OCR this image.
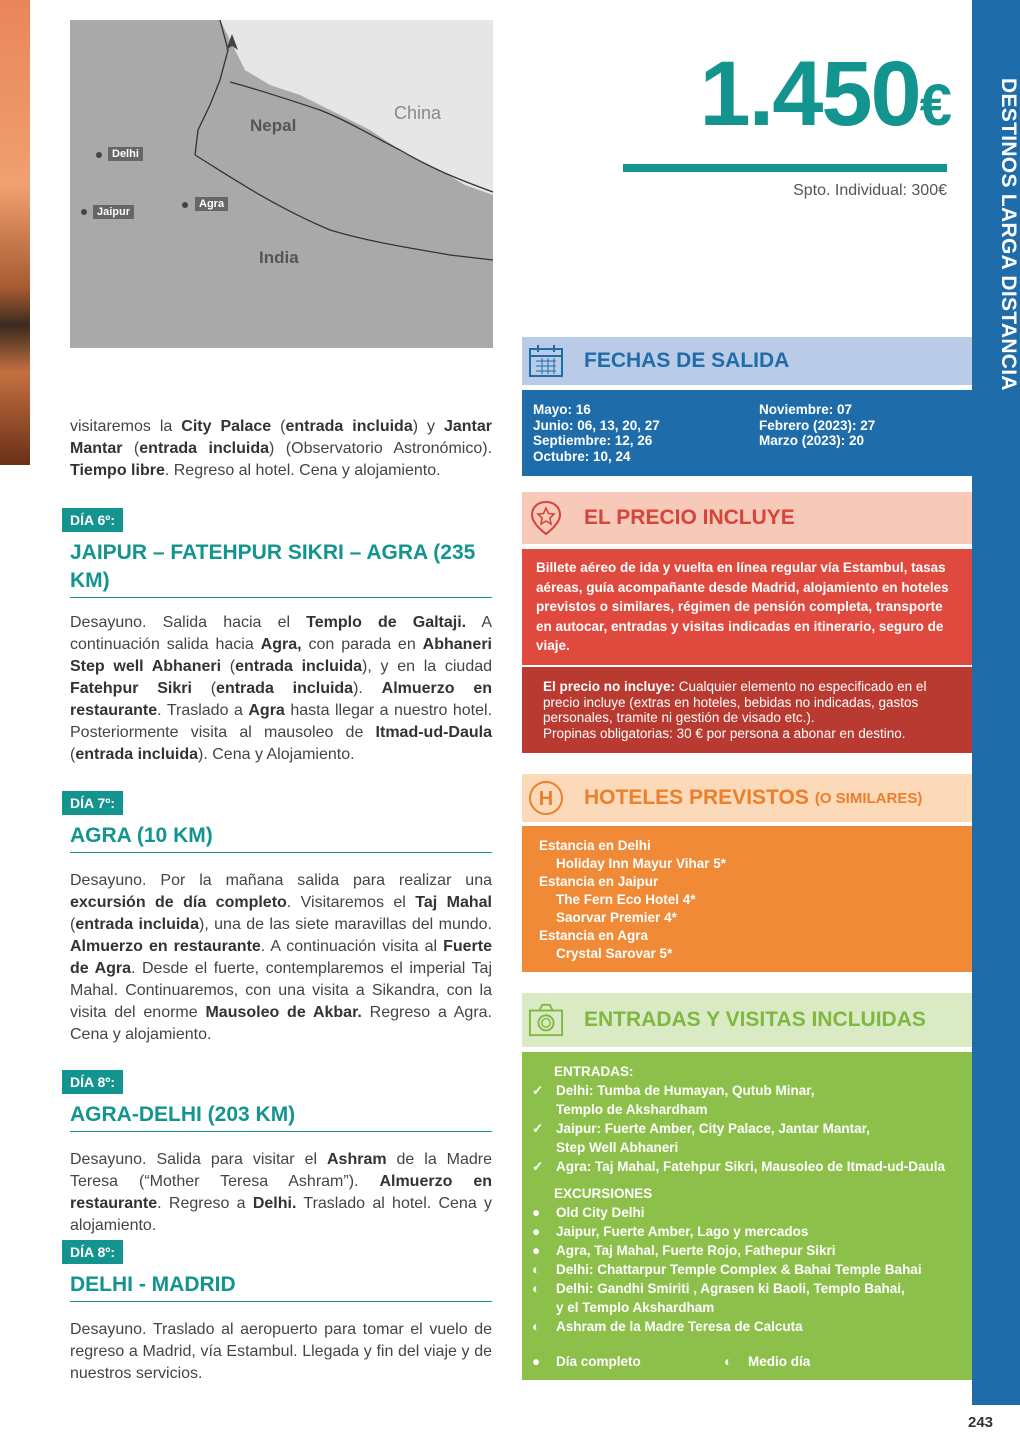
DESTINOS LARGA DISTANCIA
243
Nepal
India
China
Delhi
Jaipur
Agra
1.450€
Spto. Individual: 300€
visitaremos la City Palace (entrada incluida) y Jantar Mantar (entrada incluida) (Observatorio Astronómico). Tiempo libre. Regreso al hotel. Cena y alojamiento.
DÍA 6º:
JAIPUR – FATEHPUR SIKRI – AGRA (235 KM)
Desayuno. Salida hacia el Templo de Galtaji. A continuación salida hacia Agra, con parada en Abhaneri Step well Abhaneri (entrada incluida), y en la ciudad Fatehpur Sikri (entrada incluida). Almuerzo en restaurante. Traslado a Agra hasta llegar a nuestro hotel. Posteriormente visita al mausoleo de Itmad-ud-Daula (entrada incluida). Cena y Alojamiento.
DÍA 7º:
AGRA (10 KM)
Desayuno. Por la mañana salida para realizar una excursión de día completo. Visitaremos el Taj Mahal (entrada incluida), una de las siete maravillas del mundo. Almuerzo en restaurante. A continuación visita al Fuerte de Agra. Desde el fuerte, contemplaremos el imperial Taj Mahal. Continuaremos, con una visita a Sikandra, con la visita del enorme Mausoleo de Akbar. Regreso a Agra. Cena y alojamiento.
DÍA 8º:
AGRA-DELHI (203 KM)
Desayuno. Salida para visitar el Ashram de la Madre Teresa (“Mother Teresa Ashram”). Almuerzo en restaurante. Regreso a Delhi. Traslado al hotel. Cena y alojamiento.
DÍA 8º:
DELHI - MADRID
Desayuno. Traslado al aeropuerto para tomar el vuelo de regreso a Madrid, vía Estambul. Llegada y fin del viaje y de nuestros servicios.
FECHAS DE SALIDA
Mayo: 16
Junio: 06, 13, 20, 27
Septiembre: 12, 26
Octubre: 10, 24
Noviembre: 07
Febrero (2023): 27
Marzo (2023): 20
EL PRECIO INCLUYE
Billete aéreo de ida y vuelta en línea regular vía Estambul, tasas aéreas, guía acompañante desde Madrid, alojamiento en hoteles previstos o similares, régimen de pensión completa, transporte en autocar, entradas y visitas indicadas en itinerario, seguro de viaje.
El precio no incluye: Cualquier elemento no especificado en el precio incluye (extras en hoteles, bebidas no indicadas, gastos personales, tramite ni gestión de visado etc.).
Propinas obligatorias: 30 € por persona a abonar en destino.
H HOTELES PREVISTOS (O SIMILARES)
Estancia en Delhi
Holiday Inn Mayur Vihar 5*
Estancia en Jaipur
The Fern Eco Hotel 4*
Saorvar Premier 4*
Estancia en Agra
Crystal Sarovar 5*
ENTRADAS Y VISITAS INCLUIDAS
ENTRADAS:
✓ Delhi: Tumba de Humayan, Qutub Minar,
Templo de Akshardham
✓ Jaipur: Fuerte Amber, City Palace, Jantar Mantar,
Step Well Abhaneri
✓ Agra: Taj Mahal, Fatehpur Sikri, Mausoleo de Itmad-ud-Daula
EXCURSIONES
●	Old City Delhi
●	Jaipur, Fuerte Amber, Lago y mercados
●	Agra, Taj Mahal, Fuerte Rojo, Fathepur Sikri
◐	Delhi: Chattarpur Temple Complex & Bahai Temple Bahai
◐	Delhi: Gandhi Smiriti , Agrasen ki Baoli, Templo Bahai,
y el Templo Akshardham
◐	Ashram de la Madre Teresa de Calcuta
●	Día completo	◐	Medio día
